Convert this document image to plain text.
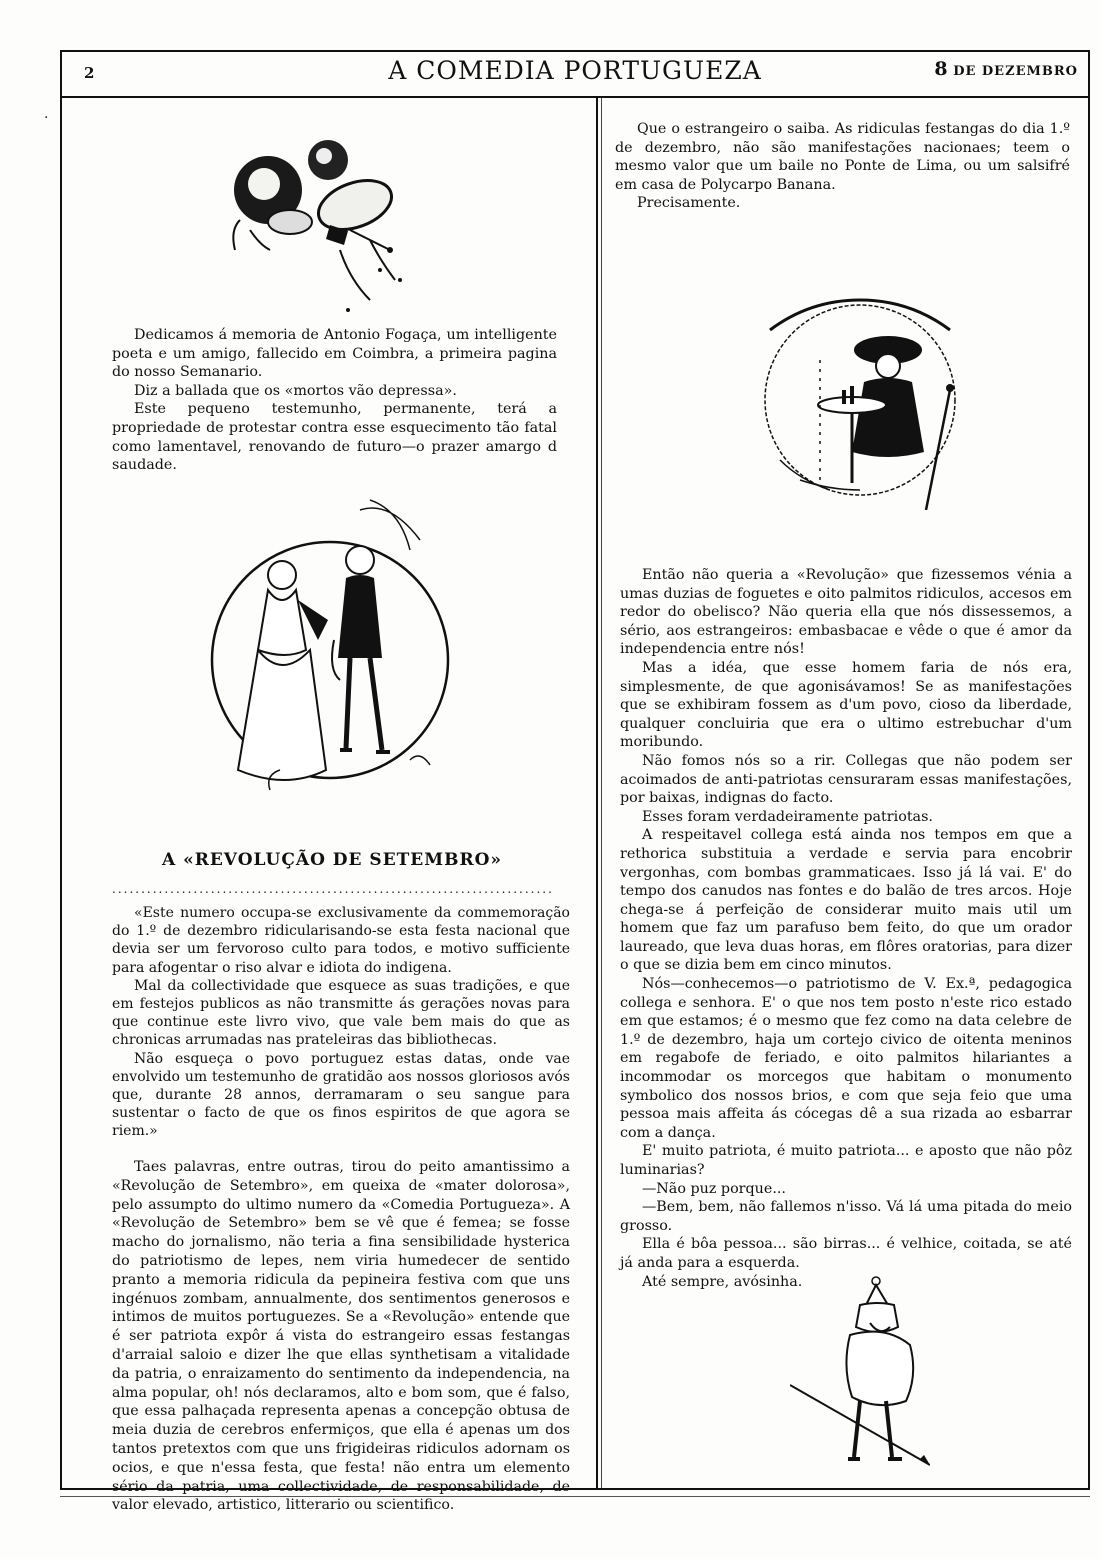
2	A COMEDIA PORTUGUEZA	8 DE DEZEMBRO

Dedicamos á memoria de Antonio Fogaça, um intelligente poeta e um amigo, fallecido em Coimbra, a primeira pagina do nosso Semanario.

Diz a ballada que os «mortos vão depressa».

Este pequeno testemunho, permanente, terá a propriedade de protestar contra esse esquecimento tão fatal como lamentavel, renovando de futuro—o prazer amargo d saudade.

A «REVOLUÇÃO DE SETEMBRO»
............................................................................

«Este numero occupa-se exclusivamente da commemoração do 1.º de dezembro ridicularisando-se esta festa nacional que devia ser um fervoroso culto para todos, e motivo sufficiente para afogentar o riso alvar e idiota do indigena.

Mal da collectividade que esquece as suas tradições, e que em festejos publicos as não transmitte ás gerações novas para que continue este livro vivo, que vale bem mais do que as chronicas arrumadas nas prateleiras das bibliothecas.

Não esqueça o povo portuguez estas datas, onde vae envolvido um testemunho de gratidão aos nossos gloriosos avós que, durante 28 annos, derramaram o seu sangue para sustentar o facto de que os finos espiritos de que agora se riem.»

Taes palavras, entre outras, tirou do peito amantissimo a «Revolução de Setembro», em queixa de «mater dolorosa», pelo assumpto do ultimo numero da «Comedia Portugueza». A «Revolução de Setembro» bem se vê que é femea; se fosse macho do jornalismo, não teria a fina sensibilidade hysterica do patriotismo de lepes, nem viria humedecer de sentido pranto a memoria ridicula da pepineira festiva com que uns ingénuos zombam, annualmente, dos sentimentos generosos e intimos de muitos portuguezes. Se a «Revolução» entende que é ser patriota expôr á vista do estrangeiro essas festangas d'arraial saloio e dizer lhe que ellas synthetisam a vitalidade da patria, o enraizamento do sentimento da independencia, na alma popular, oh! nós declaramos, alto e bom som, que é falso, que essa palhaçada representa apenas a concepção obtusa de meia duzia de cerebros enfermiços, que ella é apenas um dos tantos pretextos com que uns frigideiras ridiculos adornam os ocios, e que n'essa festa, que festa! não entra um elemento sério da patria, uma collectividade, de responsabilidade, de valor elevado, artistico, litterario ou scientifico.

Que o estrangeiro o saiba. As ridiculas festangas do dia 1.º de dezembro, não são manifestações nacionaes; teem o mesmo valor que um baile no Ponte de Lima, ou um salsifré em casa de Polycarpo Banana.

Precisamente.

Então não queria a «Revolução» que fizessemos vénia a umas duzias de foguetes e oito palmitos ridiculos, accesos em redor do obelisco? Não queria ella que nós dissessemos, a sério, aos estrangeiros: embasbacae e vêde o que é amor da independencia entre nós!

Mas a idéa, que esse homem faria de nós era, simplesmente, de que agonisávamos! Se as manifestações que se exhibiram fossem as d'um povo, cioso da liberdade, qualquer concluiria que era o ultimo estrebuchar d'um moribundo.

Não fomos nós so a rir. Collegas que não podem ser acoimados de anti-patriotas censuraram essas manifestações, por baixas, indignas do facto.

Esses foram verdadeiramente patriotas.

A respeitavel collega está ainda nos tempos em que a rethorica substituia a verdade e servia para encobrir vergonhas, com bombas grammaticaes. Isso já lá vai. E' do tempo dos canudos nas fontes e do balão de tres arcos. Hoje chega-se á perfeição de considerar muito mais util um homem que faz um parafuso bem feito, do que um orador laureado, que leva duas horas, em flôres oratorias, para dizer o que se dizia bem em cinco minutos.

Nós—conhecemos—o patriotismo de V. Ex.ª, pedagogica collega e senhora. E' o que nos tem posto n'este rico estado em que estamos; é o mesmo que fez como na data celebre de 1.º de dezembro, haja um cortejo civico de oitenta meninos em regabofe de feriado, e oito palmitos hilariantes a incommodar os morcegos que habitam o monumento symbolico dos nossos brios, e com que seja feio que uma pessoa mais affeita ás cócegas dê a sua rizada ao esbarrar com a dança.

E' muito patriota, é muito patriota... e aposto que não pôz luminarias?

—Não puz porque...

—Bem, bem, não fallemos n'isso. Vá lá uma pitada do meio grosso.

Ella é bôa pessoa... são birras... é velhice, coitada, se até já anda para a esquerda.

Até sempre, avósinha.

·
